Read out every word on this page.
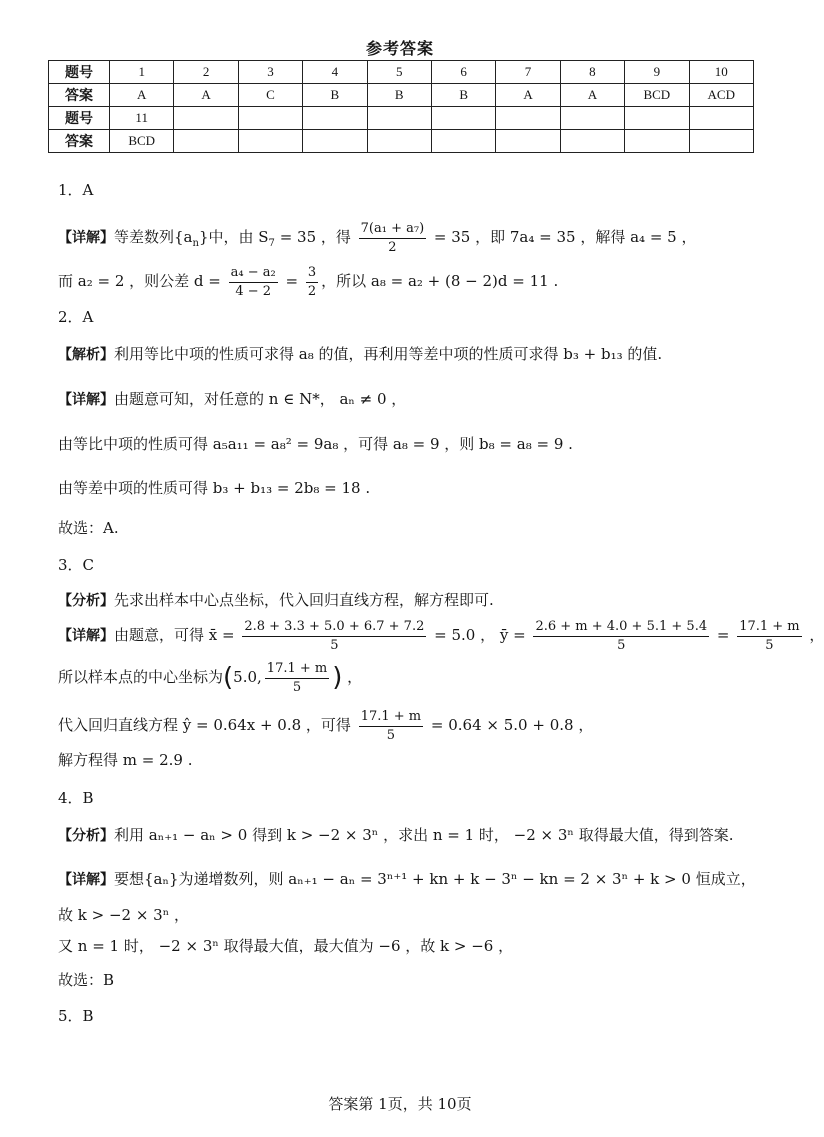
参考答案
题号	1	2	3	4	5	6	7	8	9	10
答案	A	A	C	B	B	B	A	A	BCD	ACD
题号	11									
答案	BCD									
1．A
【详解】等差数列$\{a_n\}$中，由 $S_7 = 35$ ，得 $\frac{\text{7(a₁ + a₇)}}{2} = 35$ ，即 7a₄ = 35 ，解得 a₄ = 5 ，
而 a₂ = 2 ，则公差 $d = \frac{\text{a₄ − a₂}}{4 - 2} = \frac{3}{2}$ ，所以 a₈ = a₂ + (8 − 2)d = 11 .
2．A
【解析】利用等比中项的性质可求得 a₈ 的值，再利用等差中项的性质可求得 b₃ + b₁₃ 的值.
【详解】由题意可知，对任意的 n ∈ N*， aₙ ≠ 0 ，
由等比中项的性质可得 a₅a₁₁ = a₈² = 9a₈ ，可得 a₈ = 9 ，则 b₈ = a₈ = 9 .
由等差中项的性质可得 b₃ + b₁₃ = 2b₈ = 18 .
故选：A.
3．C
【分析】先求出样本中心点坐标，代入回归直线方程，解方程即可.
【详解】由题意，可得 x̄ = $\frac{2.8 + 3.3 + 5.0 + 6.7 + 7.2}{5} = 5.0$ ， ȳ = $\frac{2.6 + m + 4.0 + 5.1 + 5.4}{5} = \frac{17.1 + m}{5}$ ，
所以样本点的中心坐标为(5.0, $\frac{17.1 + m}{5}$ ) ，
代入回归直线方程 ŷ = 0.64x + 0.8 ，可得 $\frac{17.1 + m}{5} = 0.64 \times 5.0 + 0.8$ ，
解方程得 m = 2.9 .
4．B
【分析】利用 aₙ₊₁ − aₙ > 0 得到 k > −2 × 3ⁿ ，求出 n = 1 时， −2 × 3ⁿ 取得最大值，得到答案.
【详解】要想{aₙ}为递增数列，则 aₙ₊₁ − aₙ = 3ⁿ⁺¹ + kn + k − 3ⁿ − kn = 2 × 3ⁿ + k > 0 恒成立，
故 k > −2 × 3ⁿ ，
又 n = 1 时， −2 × 3ⁿ 取得最大值，最大值为 −6 ，故 k > −6 ，
故选：B
5．B
答案第 1页，共 10页
